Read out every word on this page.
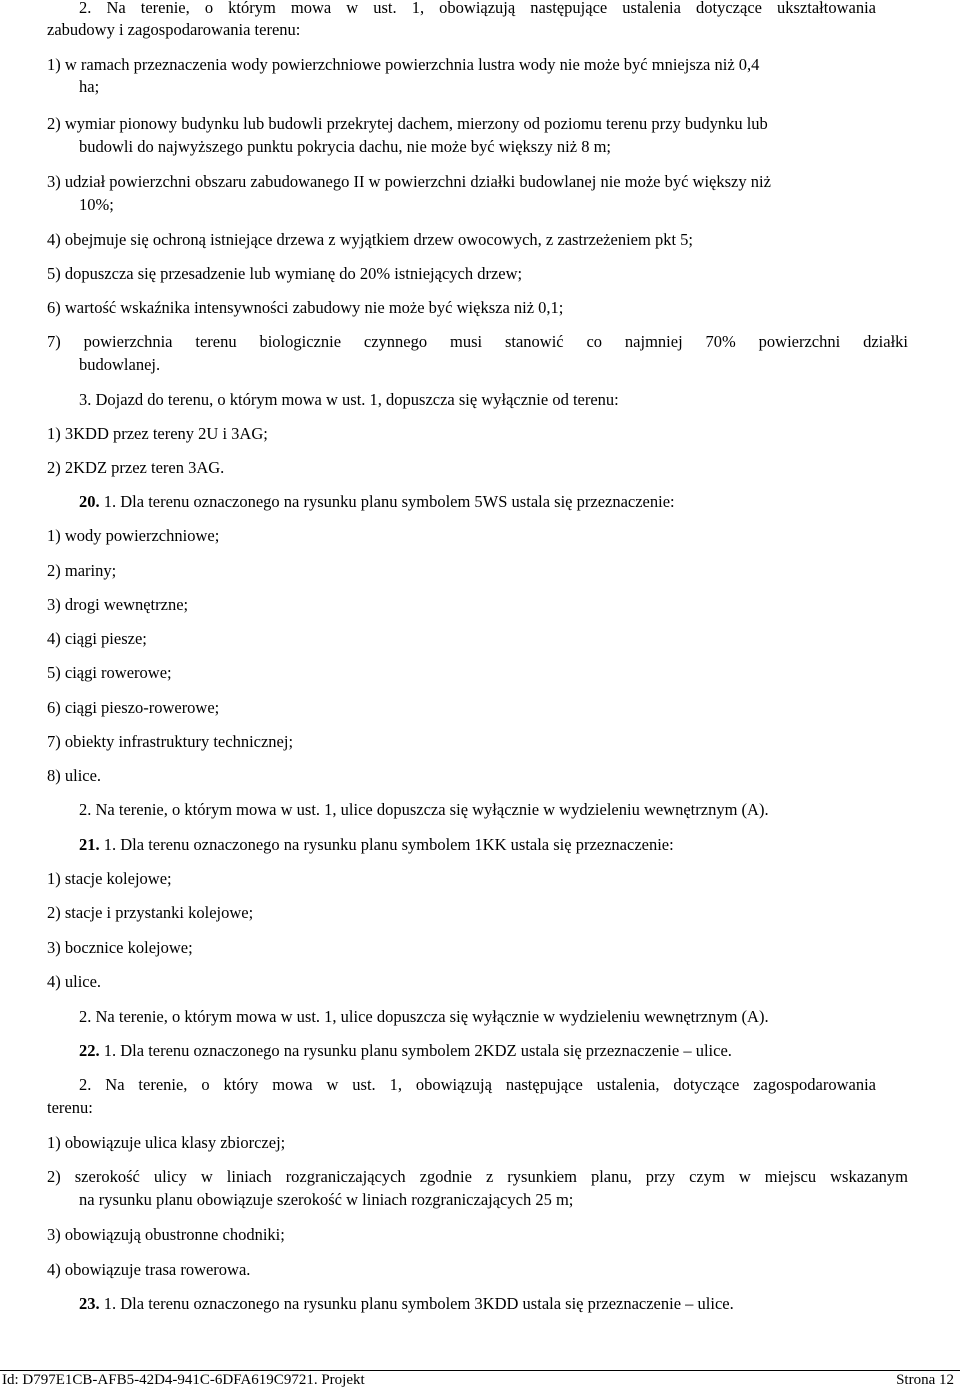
2. Na terenie, o którym mowa w ust. 1, obowiązują następujące ustalenia dotyczące ukształtowania
zabudowy i zagospodarowania terenu:
1) w ramach przeznaczenia wody powierzchniowe powierzchnia lustra wody nie może być mniejsza niż 0,4
ha;
2) wymiar pionowy budynku lub budowli przekrytej dachem, mierzony od poziomu terenu przy budynku lub
budowli do najwyższego punktu pokrycia dachu, nie może być większy niż 8 m;
3) udział powierzchni obszaru zabudowanego II w powierzchni działki budowlanej nie może być większy niż
10%;
4) obejmuje się ochroną istniejące drzewa z wyjątkiem drzew owocowych, z zastrzeżeniem pkt 5;
5) dopuszcza się przesadzenie lub wymianę do 20% istniejących drzew;
6) wartość wskaźnika intensywności zabudowy nie może być większa niż 0,1;
7) powierzchnia terenu biologicznie czynnego musi stanowić co najmniej 70% powierzchni działki
budowlanej.
3. Dojazd do terenu, o którym mowa w ust. 1, dopuszcza się wyłącznie od terenu:
1) 3KDD przez tereny 2U i 3AG;
2) 2KDZ przez teren 3AG.
20. 1. Dla terenu oznaczonego na rysunku planu symbolem 5WS ustala się przeznaczenie:
1) wody powierzchniowe;
2) mariny;
3) drogi wewnętrzne;
4) ciągi piesze;
5) ciągi rowerowe;
6) ciągi pieszo-rowerowe;
7) obiekty infrastruktury technicznej;
8) ulice.
2. Na terenie, o którym mowa w ust. 1, ulice dopuszcza się wyłącznie w wydzieleniu wewnętrznym (A).
21. 1. Dla terenu oznaczonego na rysunku planu symbolem 1KK ustala się przeznaczenie:
1) stacje kolejowe;
2) stacje i przystanki kolejowe;
3) bocznice kolejowe;
4) ulice.
2. Na terenie, o którym mowa w ust. 1, ulice dopuszcza się wyłącznie w wydzieleniu wewnętrznym (A).
22. 1. Dla terenu oznaczonego na rysunku planu symbolem 2KDZ ustala się przeznaczenie – ulice.
2. Na terenie, o który mowa w ust. 1, obowiązują następujące ustalenia, dotyczące zagospodarowania
terenu:
1) obowiązuje ulica klasy zbiorczej;
2) szerokość ulicy w liniach rozgraniczających zgodnie z rysunkiem planu, przy czym w miejscu wskazanym
na rysunku planu obowiązuje szerokość w liniach rozgraniczających 25 m;
3) obowiązują obustronne chodniki;
4) obowiązuje trasa rowerowa.
23. 1. Dla terenu oznaczonego na rysunku planu symbolem 3KDD ustala się przeznaczenie – ulice.
Id: D797E1CB-AFB5-42D4-941C-6DFA619C9721. Projekt	Strona 12
